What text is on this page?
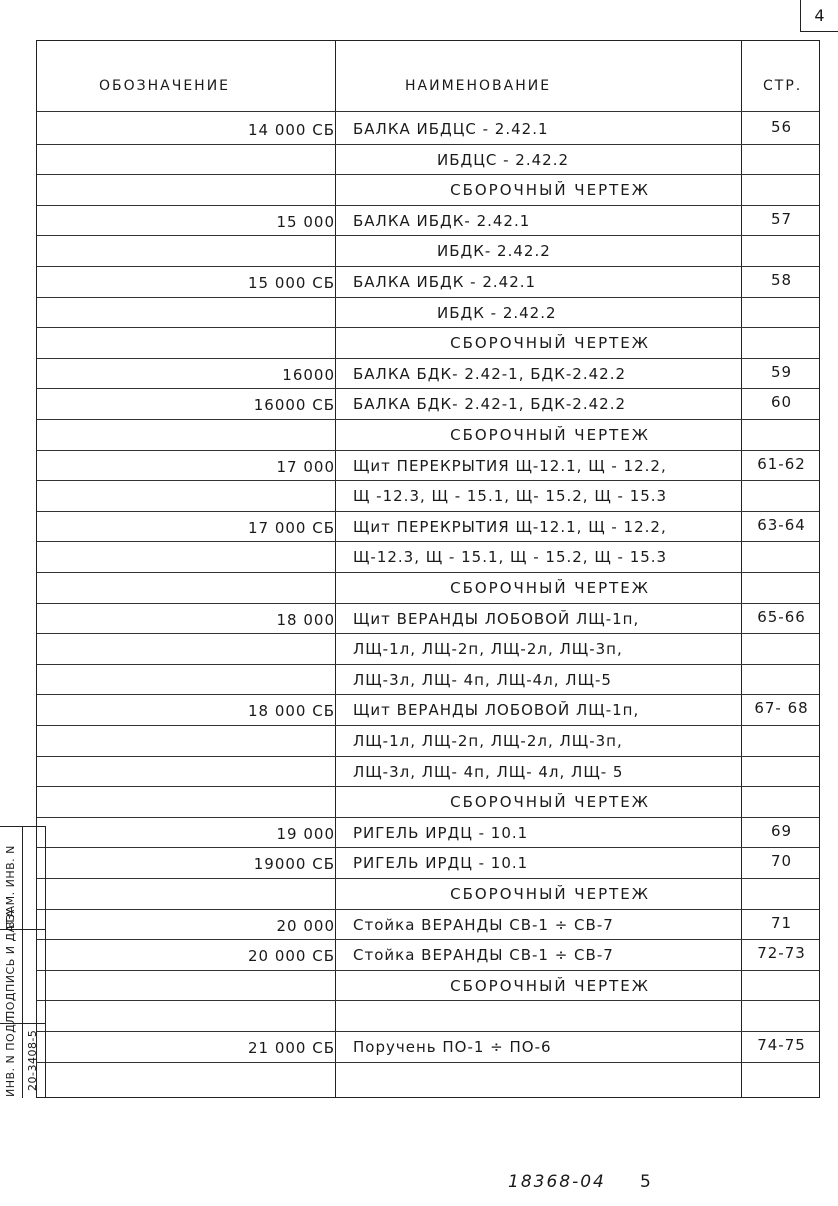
4
ОБОЗНАЧЕНИЕ	НАИМЕНОВАНИЕ	СТР.
14 000 СБ БАЛКА ИБДЦС - 2.42.1	56
ИБДЦС - 2.42.2
СБОРОЧНЫЙ ЧЕРТЕЖ
15 000 БАЛКА ИБДК- 2.42.1	57
ИБДК- 2.42.2
15 000 СБ БАЛКА ИБДК - 2.42.1	58
ИБДК - 2.42.2
СБОРОЧНЫЙ ЧЕРТЕЖ
16000 БАЛКА БДК- 2.42-1, БДК-2.42.2	59
16000 СБ БАЛКА БДК- 2.42-1, БДК-2.42.2	60
СБОРОЧНЫЙ ЧЕРТЕЖ
17 000 Щит ПЕРЕКРЫТИЯ Щ-12.1, Щ - 12.2,	61-62
Щ -12.3, Щ - 15.1, Щ- 15.2, Щ - 15.3
17 000 СБ Щит ПЕРЕКРЫТИЯ Щ-12.1, Щ - 12.2,	63-64
Щ-12.3, Щ - 15.1, Щ - 15.2, Щ - 15.3
СБОРОЧНЫЙ ЧЕРТЕЖ
18 000 Щит ВЕРАНДЫ ЛОБОВОЙ ЛЩ-1п,	65-66
ЛЩ-1л, ЛЩ-2п, ЛЩ-2л, ЛЩ-3п,
ЛЩ-3л, ЛЩ- 4п, ЛЩ-4л, ЛЩ-5
18 000 СБ Щит ВЕРАНДЫ ЛОБОВОЙ ЛЩ-1п,	67- 68
ЛЩ-1л, ЛЩ-2п, ЛЩ-2л, ЛЩ-3п,
ЛЩ-3л, ЛЩ- 4п, ЛЩ- 4л, ЛЩ- 5
СБОРОЧНЫЙ ЧЕРТЕЖ
19 000 РИГЕЛЬ ИРДЦ - 10.1	69
19000 СБ РИГЕЛЬ ИРДЦ - 10.1	70
СБОРОЧНЫЙ ЧЕРТЕЖ
20 000 Стойка ВЕРАНДЫ СВ-1 ÷ СВ-7	71
20 000 СБ Стойка ВЕРАНДЫ СВ-1 ÷ СВ-7	72-73
СБОРОЧНЫЙ ЧЕРТЕЖ
21 000 СБ Поручень ПО-1 ÷ ПО-6	74-75
ВЗАМ. ИНВ. N
ПОДПИСЬ И ДАТА
ИНВ. N ПОДЛ. 20-3408-5
18368-04 5
